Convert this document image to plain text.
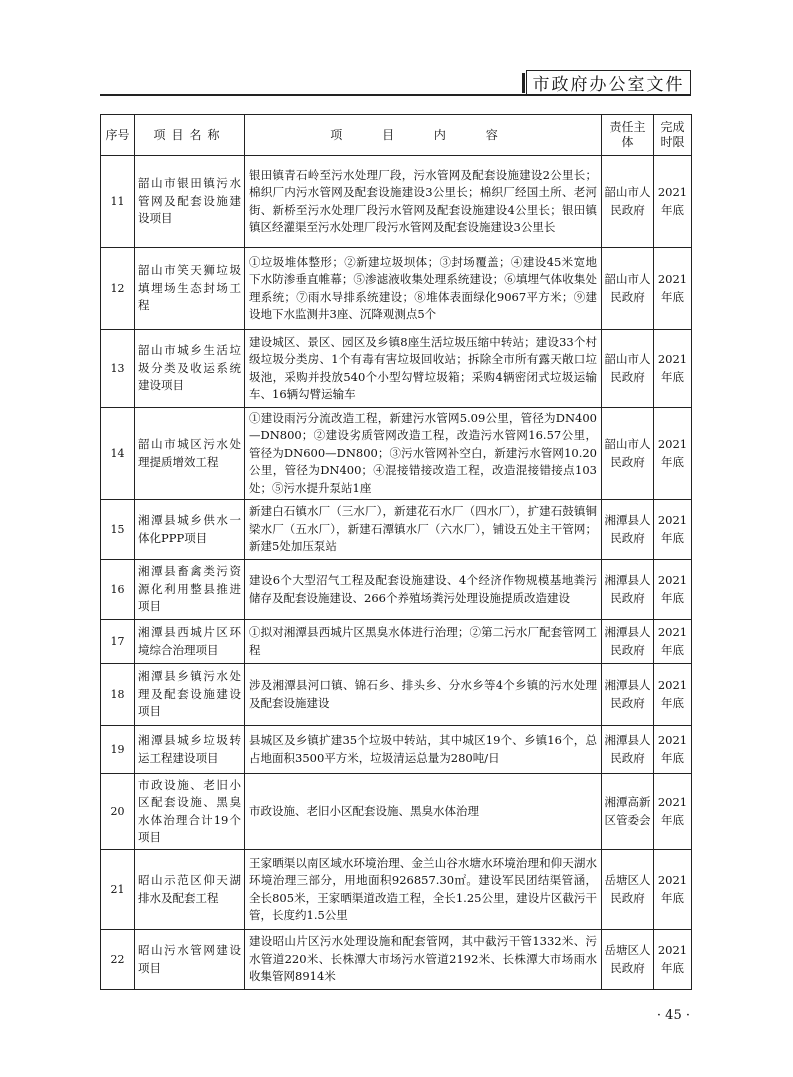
市政府办公室文件
序号	项目名称	项 目 内 容	责任主体	完成时限
11	韶山市银田镇污水管网及配套设施建设项目	银田镇青石岭至污水处理厂段，污水管网及配套设施建设2公里长；棉织厂内污水管网及配套设施建设3公里长；棉织厂经国土所、老河街、新桥至污水处理厂段污水管网及配套设施建设4公里长；银田镇镇区经灌渠至污水处理厂段污水管网及配套设施建设3公里长	韶山市人民政府	2021年底
12	韶山市笑天狮垃圾填埋场生态封场工程	①垃圾堆体整形；②新建垃圾坝体；③封场覆盖；④建设45米宽地下水防渗垂直帷幕；⑤渗滤液收集处理系统建设；⑥填埋气体收集处理系统；⑦雨水导排系统建设；⑧堆体表面绿化9067平方米；⑨建设地下水监测井3座、沉降观测点5个	韶山市人民政府	2021年底
13	韶山市城乡生活垃圾分类及收运系统建设项目	建设城区、景区、园区及乡镇8座生活垃圾压缩中转站；建设33个村级垃圾分类房、1个有毒有害垃圾回收站；拆除全市所有露天敞口垃圾池，采购并投放540个小型勾臂垃圾箱；采购4辆密闭式垃圾运输车、16辆勾臂运输车	韶山市人民政府	2021年底
14	韶山市城区污水处理提质增效工程	①建设雨污分流改造工程，新建污水管网5.09公里，管径为DN400—DN800；②建设劣质管网改造工程，改造污水管网16.57公里，管径为DN600—DN800；③污水管网补空白，新建污水管网10.20公里，管径为DN400；④混接错接改造工程，改造混接错接点103处；⑤污水提升泵站1座	韶山市人民政府	2021年底
15	湘潭县城乡供水一体化PPP项目	新建白石镇水厂（三水厂），新建花石水厂（四水厂），扩建石鼓镇铜梁水厂（五水厂），新建石潭镇水厂（六水厂），铺设五处主干管网；新建5处加压泵站	湘潭县人民政府	2021年底
16	湘潭县畜禽类污资源化利用整县推进项目	建设6个大型沼气工程及配套设施建设、4个经济作物规模基地粪污储存及配套设施建设、266个养殖场粪污处理设施提质改造建设	湘潭县人民政府	2021年底
17	湘潭县西城片区环境综合治理项目	①拟对湘潭县西城片区黑臭水体进行治理；②第二污水厂配套管网工程	湘潭县人民政府	2021年底
18	湘潭县乡镇污水处理及配套设施建设项目	涉及湘潭县河口镇、锦石乡、排头乡、分水乡等4个乡镇的污水处理及配套设施建设	湘潭县人民政府	2021年底
19	湘潭县城乡垃圾转运工程建设项目	县城区及乡镇扩建35个垃圾中转站，其中城区19个、乡镇16个，总占地面积3500平方米，垃圾清运总量为280吨/日	湘潭县人民政府	2021年底
20	市政设施、老旧小区配套设施、黑臭水体治理合计19个项目	市政设施、老旧小区配套设施、黑臭水体治理	湘潭高新区管委会	2021年底
21	昭山示范区仰天湖排水及配套工程	王家晒渠以南区域水环境治理、金兰山谷水塘水环境治理和仰天湖水环境治理三部分，用地面积926857.30㎡。建设军民团结渠管涵，全长805米，王家晒渠道改造工程，全长1.25公里，建设片区截污干管，长度约1.5公里	岳塘区人民政府	2021年底
22	昭山污水管网建设项目	建设昭山片区污水处理设施和配套管网，其中截污干管1332米、污水管道220米、长株潭大市场污水管道2192米、长株潭大市场雨水收集管网8914米	岳塘区人民政府	2021年底
· 45 ·
